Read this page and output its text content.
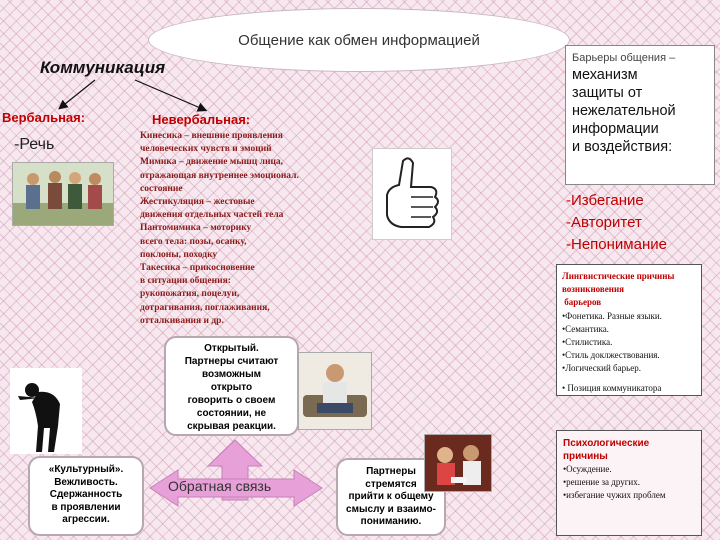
Общение как обмен информацией
Коммуникация
Вербальная:
-Речь
Невербальная:
Кинесика – внешние проявления
человеческих чувств и эмоций
Мимика – движение мышц лица,
отражающая внутреннее эмоционал.
состояние
Жестикуляция – жестовые
движения отдельных частей тела
Пантомимика – моторику
всего тела: позы, осанку,
поклоны, походку
Такесика – прикосновение
в ситуации общения:
рукопожатия, поцелуи,
дотрагивания, поглаживания,
отталкивания и др.
Барьеры общения –
механизм
защиты от
нежелательной
информации
и воздействия:
-Избегание
-Авторитет
-Непонимание
Лингвистические причины
возникновения
барьеров
•Фонетика. Разные языки.
•Семантика.
•Стилистика.
•Стиль доклжествования.
•Логический барьер.
• Позиция коммуникатора
Психологические
причины
•Осуждение.
•решение за других.
•избегание чужих проблем
Открытый.
Партнеры считают
возможным
открыто
говорить о своем
состоянии, не
скрывая реакции.
«Культурный».
Вежливость.
Сдержанность
в проявлении
агрессии.
Обратная связь
Партнеры
стремятся
прийти к общему
смыслу и взаимо-
пониманию.
